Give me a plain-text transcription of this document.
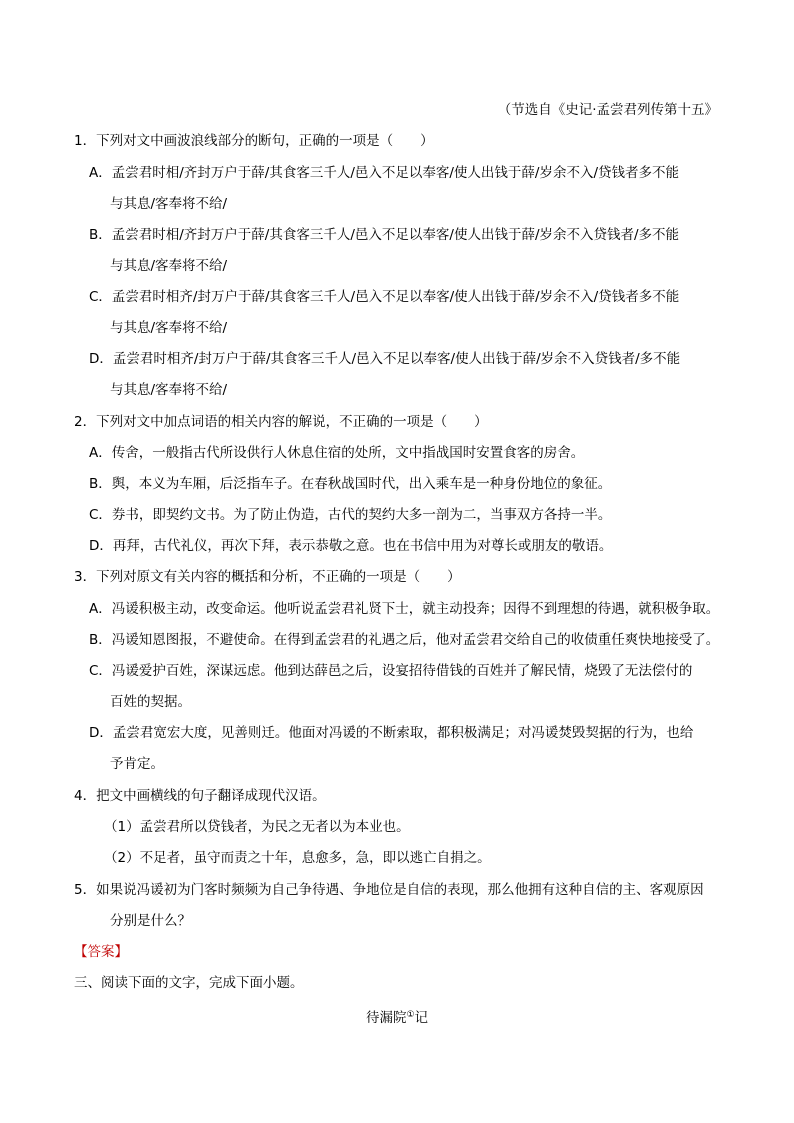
（节选自《史记·孟尝君列传第十五》
1．下列对文中画波浪线部分的断句，正确的一项是（　　）
A．孟尝君时相/齐封万户于薛/其食客三千人/邑入不足以奉客/使人出钱于薛/岁余不入/贷钱者多不能
与其息/客奉将不给/
B．孟尝君时相/齐封万户于薛/其食客三千人/邑入不足以奉客/使人出钱于薛/岁余不入贷钱者/多不能
与其息/客奉将不给/
C．孟尝君时相齐/封万户于薛/其食客三千人/邑入不足以奉客/使人出钱于薛/岁余不入/贷钱者多不能
与其息/客奉将不给/
D．孟尝君时相齐/封万户于薛/其食客三千人/邑入不足以奉客/使人出钱于薛/岁余不入贷钱者/多不能
与其息/客奉将不给/
2．下列对文中加点词语的相关内容的解说，不正确的一项是（　　）
A．传舍，一般指古代所设供行人休息住宿的处所，文中指战国时安置食客的房舍。
B．舆，本义为车厢，后泛指车子。在春秋战国时代，出入乘车是一种身份地位的象征。
C．券书，即契约文书。为了防止伪造，古代的契约大多一剖为二，当事双方各持一半。
D．再拜，古代礼仪，再次下拜，表示恭敬之意。也在书信中用为对尊长或朋友的敬语。
3．下列对原文有关内容的概括和分析，不正确的一项是（　　）
A．冯谖积极主动，改变命运。他听说孟尝君礼贤下士，就主动投奔；因得不到理想的待遇，就积极争取。
B．冯谖知恩图报，不避使命。在得到孟尝君的礼遇之后，他对孟尝君交给自己的收债重任爽快地接受了。
C．冯谖爱护百姓，深谋远虑。他到达薛邑之后，设宴招待借钱的百姓并了解民情，烧毁了无法偿付的
百姓的契据。
D．孟尝君宽宏大度，见善则迁。他面对冯谖的不断索取，都积极满足；对冯谖焚毁契据的行为，也给
予肯定。
4．把文中画横线的句子翻译成现代汉语。
（1）孟尝君所以贷钱者，为民之无者以为本业也。
（2）不足者，虽守而责之十年，息愈多，急，即以逃亡自捐之。
5．如果说冯谖初为门客时频频为自己争待遇、争地位是自信的表现，那么他拥有这种自信的主、客观原因
分别是什么？
【答案】
三、阅读下面的文字，完成下面小题。
待漏院①记
